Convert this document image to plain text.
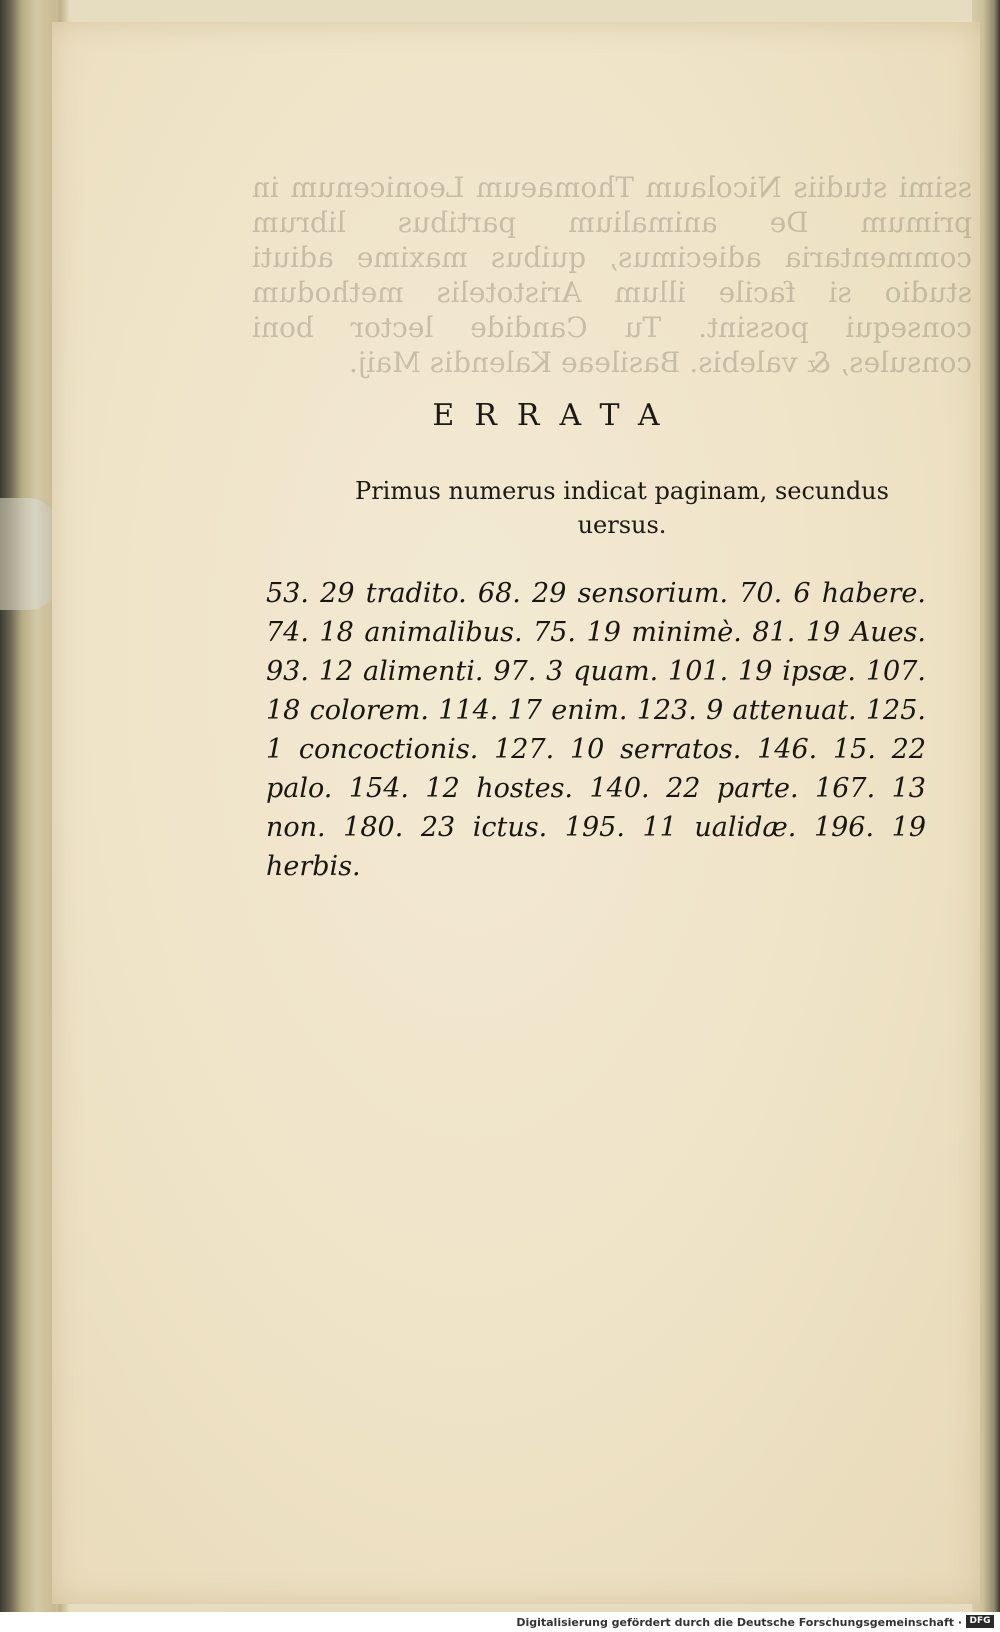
ssimi studiis Nicolaum Thomaeum Leonicenum in primum De animalium partibus librum commentaria adiecimus, quibus maxime adiuti studio si facile illum Aristotelis methodum consequi possint. Tu Candide lector boni consules, & valebis. Basileae Kalendis Maij.
ERRATA
Primus numerus indicat paginam, secundus uersus.
53. 29 tradito. 68. 29 sensorium. 70. 6 habere. 74. 18 animalibus. 75. 19 minimè. 81. 19 Aues. 93. 12 alimenti. 97. 3 quam. 101. 19 ipsæ. 107. 18 colorem. 114. 17 enim. 123. 9 attenuat. 125. 1 concoctionis. 127. 10 serratos. 146. 15. 22 palo. 154. 12 hostes. 140. 22 parte. 167. 13 non. 180. 23 ictus. 195. 11 ualidæ. 196. 19 herbis.
Digitalisierung gefördert durch die Deutsche Forschungsgemeinschaft · DFG
